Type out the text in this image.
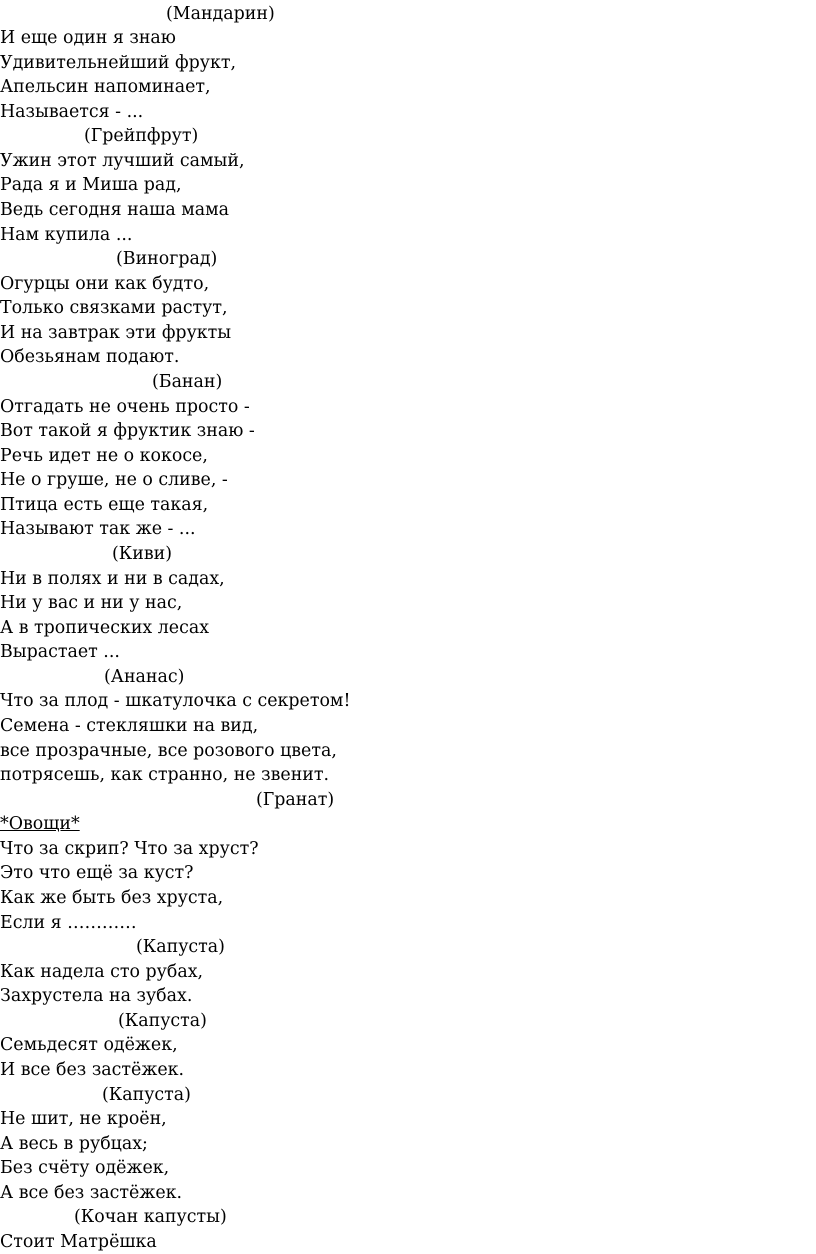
(Мандарин)
И еще один я знаю
Удивительнейший фрукт,
Апельсин напоминает,
Называется - ...
(Грейпфрут)
Ужин этот лучший самый,
Рада я и Миша рад,
Ведь сегодня наша мама
Нам купила ...
(Виноград)
Огурцы они как будто,
Только связками растут,
И на завтрак эти фрукты
Обезьянам подают.
(Банан)
Отгадать не очень просто -
Вот такой я фруктик знаю -
Речь идет не о кокосе,
Не о груше, не о сливе, -
Птица есть еще такая,
Называют так же - ...
(Киви)
Ни в полях и ни в садах,
Ни у вас и ни у нас,
А в тропических лесах
Вырастает ...
(Ананас)
Что за плод - шкатулочка с секретом!
Семена - стекляшки на вид,
все прозрачные, все розового цвета,
потрясешь, как странно, не звенит.
(Гранат)
*Овощи*
Что за скрип? Что за хруст?
Это что ещё за куст?
Как же быть без хруста,
Если я …………
(Капуста)
Как надела сто рубах,
Захрустела на зубах.
(Капуста)
Семьдесят одёжек,
И все без застёжек.
(Капуста)
Не шит, не кроён,
А весь в рубцах;
Без счёту одёжек,
А все без застёжек.
(Кочан капусты)
Стоит Матрёшка
